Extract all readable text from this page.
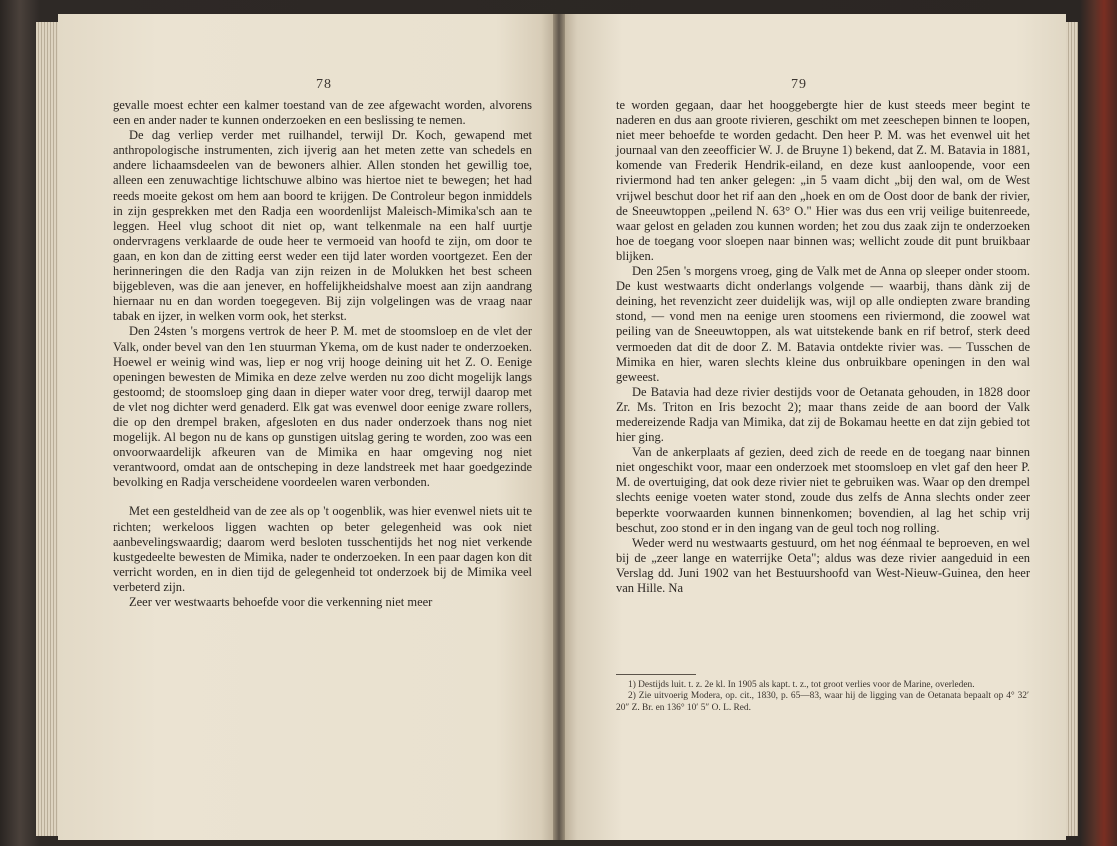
78

gevalle moest echter een kalmer toestand van de zee afgewacht worden, alvorens een en ander nader te kunnen onderzoeken en een beslissing te nemen.

De dag verliep verder met ruilhandel, terwijl Dr. Koch, gewapend met anthropologische instrumenten, zich ijverig aan het meten zette van schedels en andere lichaamsdeelen van de bewoners alhier. Allen stonden het gewillig toe, alleen een zenuwachtige lichtschuwe albino was hiertoe niet te bewegen; het had reeds moeite gekost om hem aan boord te krijgen. De Controleur begon inmiddels in zijn gesprekken met den Radja een woordenlijst Maleisch-Mimika'sch aan te leggen. Heel vlug schoot dit niet op, want telkenmale na een half uurtje ondervragens verklaarde de oude heer te vermoeid van hoofd te zijn, om door te gaan, en kon dan de zitting eerst weder een tijd later worden voortgezet. Een der herinneringen die den Radja van zijn reizen in de Molukken het best scheen bijgebleven, was die aan jenever, en hoffelijkheidshalve moest aan zijn aandrang hiernaar nu en dan worden toegegeven. Bij zijn volgelingen was de vraag naar tabak en ijzer, in welken vorm ook, het sterkst.

Den 24sten 's morgens vertrok de heer P. M. met de stoomsloep en de vlet der Valk, onder bevel van den 1en stuurman Ykema, om de kust nader te onderzoeken. Hoewel er weinig wind was, liep er nog vrij hooge deining uit het Z. O. Eenige openingen bewesten de Mimika en deze zelve werden nu zoo dicht mogelijk langs gestoomd; de stoomsloep ging daan in dieper water voor dreg, terwijl daarop met de vlet nog dichter werd genaderd. Elk gat was evenwel door eenige zware rollers, die op den drempel braken, afgesloten en dus nader onderzoek thans nog niet mogelijk. Al begon nu de kans op gunstigen uitslag gering te worden, zoo was een onvoorwaardelijk afkeuren van de Mimika en haar omgeving nog niet verantwoord, omdat aan de ontscheping in deze landstreek met haar goedgezinde bevolking en Radja verscheidene voordeelen waren verbonden.

Met een gesteldheid van de zee als op 't oogenblik, was hier evenwel niets uit te richten; werkeloos liggen wachten op beter gelegenheid was ook niet aanbevelingswaardig; daarom werd besloten tusschentijds het nog niet verkende kustgedeelte bewesten de Mimika, nader te onderzoeken. In een paar dagen kon dit verricht worden, en in dien tijd de gelegenheid tot onderzoek bij de Mimika veel verbeterd zijn.

Zeer ver westwaarts behoefde voor die verkenning niet meer

79

te worden gegaan, daar het hooggebergte hier de kust steeds meer begint te naderen en dus aan groote rivieren, geschikt om met zeeschepen binnen te loopen, niet meer behoefde te worden gedacht. Den heer P. M. was het evenwel uit het journaal van den zeeofficier W. J. de Bruyne 1) bekend, dat Z. M. Batavia in 1881, komende van Frederik Hendrik-eiland, en deze kust aanloopende, voor een riviermond had ten anker gelegen: „in 5 vaam dicht „bij den wal, om de West vrijwel beschut door het rif aan den „hoek en om de Oost door de bank der rivier, de Sneeuwtoppen „peilend N. 63° O." Hier was dus een vrij veilige buitenreede, waar gelost en geladen zou kunnen worden; het zou dus zaak zijn te onderzoeken hoe de toegang voor sloepen naar binnen was; wellicht zoude dit punt bruikbaar blijken.

Den 25en 's morgens vroeg, ging de Valk met de Anna op sleeper onder stoom. De kust westwaarts dicht onderlangs volgende — waarbij, thans dànk zij de deining, het revenzicht zeer duidelijk was, wijl op alle ondiepten zware branding stond, — vond men na eenige uren stoomens een riviermond, die zoowel wat peiling van de Sneeuwtoppen, als wat uitstekende bank en rif betrof, sterk deed vermoeden dat dit de door Z. M. Batavia ontdekte rivier was. — Tusschen de Mimika en hier, waren slechts kleine dus onbruikbare openingen in den wal geweest.

De Batavia had deze rivier destijds voor de Oetanata gehouden, in 1828 door Zr. Ms. Triton en Iris bezocht 2); maar thans zeide de aan boord der Valk medereizende Radja van Mimika, dat zij de Bokamau heette en dat zijn gebied tot hier ging.

Van de ankerplaats af gezien, deed zich de reede en de toegang naar binnen niet ongeschikt voor, maar een onderzoek met stoomsloep en vlet gaf den heer P. M. de overtuiging, dat ook deze rivier niet te gebruiken was. Waar op den drempel slechts eenige voeten water stond, zoude dus zelfs de Anna slechts onder zeer beperkte voorwaarden kunnen binnenkomen; bovendien, al lag het schip vrij beschut, zoo stond er in den ingang van de geul toch nog rolling.

Weder werd nu westwaarts gestuurd, om het nog éénmaal te beproeven, en wel bij de „zeer lange en waterrijke Oeta"; aldus was deze rivier aangeduid in een Verslag dd. Juni 1902 van het Bestuurshoofd van West-Nieuw-Guinea, den heer van Hille. Na

1) Destijds luit. t. z. 2e kl. In 1905 als kapt. t. z., tot groot verlies voor de Marine, overleden.

2) Zie uitvoerig Modera, op. cit., 1830, p. 65—83, waar hij de ligging van de Oetanata bepaalt op 4° 32′ 20″ Z. Br. en 136° 10′ 5″ O. L. Red.
